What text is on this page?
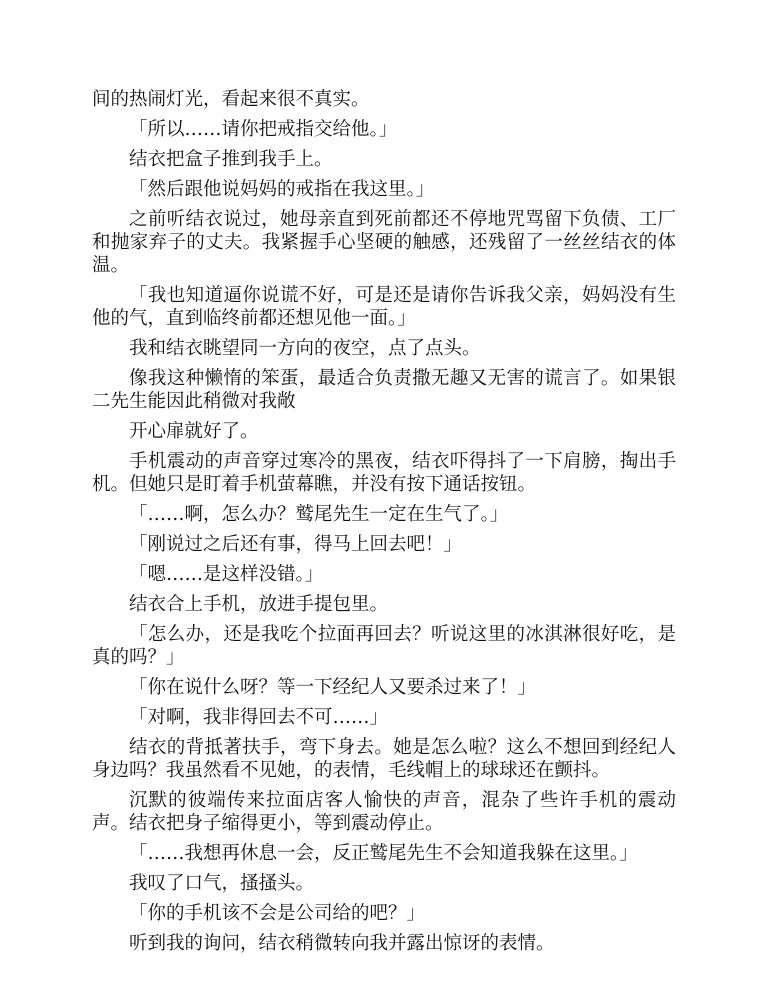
间的热闹灯光，看起来很不真实。

「所以……请你把戒指交给他。」

结衣把盒子推到我手上。

「然后跟他说妈妈的戒指在我这里。」

之前听结衣说过，她母亲直到死前都还不停地咒骂留下负债、工厂和抛家弃子的丈夫。我紧握手心坚硬的触感，还残留了一丝丝结衣的体温。

「我也知道逼你说谎不好，可是还是请你告诉我父亲，妈妈没有生他的气，直到临终前都还想见他一面。」

我和结衣眺望同一方向的夜空，点了点头。

像我这种懒惰的笨蛋，最适合负责撒无趣又无害的谎言了。如果银二先生能因此稍微对我敞

开心扉就好了。

手机震动的声音穿过寒冷的黑夜，结衣吓得抖了一下肩膀，掏出手机。但她只是盯着手机萤幕瞧，并没有按下通话按钮。

「……啊，怎么办？鹫尾先生一定在生气了。」

「刚说过之后还有事，得马上回去吧！」

「嗯……是这样没错。」

结衣合上手机，放进手提包里。

「怎么办，还是我吃个拉面再回去？听说这里的冰淇淋很好吃，是真的吗？」

「你在说什么呀？等一下经纪人又要杀过来了！」

「对啊，我非得回去不可……」

结衣的背抵著扶手，弯下身去。她是怎么啦？这么不想回到经纪人身边吗？我虽然看不见她，的表情，毛线帽上的球球还在颤抖。

沉默的彼端传来拉面店客人愉快的声音，混杂了些许手机的震动声。结衣把身子缩得更小，等到震动停止。

「……我想再休息一会，反正鹫尾先生不会知道我躲在这里。」

我叹了口气，搔搔头。

「你的手机该不会是公司给的吧？」

听到我的询问，结衣稍微转向我并露出惊讶的表情。
